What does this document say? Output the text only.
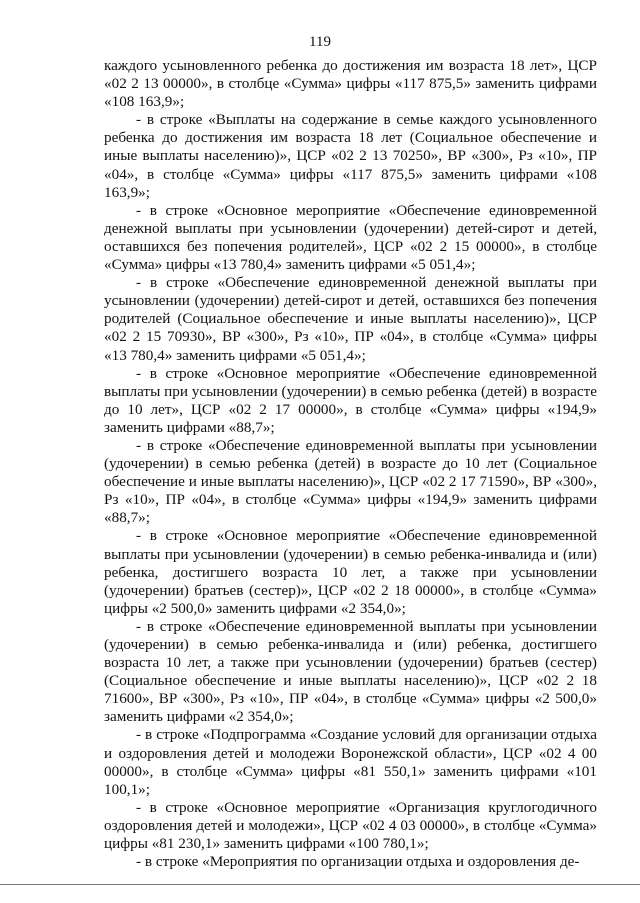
119

каждого усыновленного ребенка до достижения им возраста 18 лет», ЦСР «02 2 13 00000», в столбце «Сумма» цифры «117 875,5» заменить цифрами «108 163,9»;

- в строке «Выплаты на содержание в семье каждого усыновленного ребенка до достижения им возраста 18 лет (Социальное обеспечение и иные выплаты населению)», ЦСР «02 2 13 70250», ВР «300», Рз «10», ПР «04», в столбце «Сумма» цифры «117 875,5» заменить цифрами «108 163,9»;

- в строке «Основное мероприятие «Обеспечение единовременной денежной выплаты при усыновлении (удочерении) детей-сирот и детей, оставшихся без попечения родителей», ЦСР «02 2 15 00000», в столбце «Сумма» цифры «13 780,4» заменить цифрами «5 051,4»;

- в строке «Обеспечение единовременной денежной выплаты при усыновлении (удочерении) детей-сирот и детей, оставшихся без попечения родителей (Социальное обеспечение и иные выплаты населению)», ЦСР «02 2 15 70930», ВР «300», Рз «10», ПР «04», в столбце «Сумма» цифры «13 780,4» заменить цифрами «5 051,4»;

- в строке «Основное мероприятие «Обеспечение единовременной выплаты при усыновлении (удочерении) в семью ребенка (детей) в возрасте до 10 лет», ЦСР «02 2 17 00000», в столбце «Сумма» цифры «194,9» заменить цифрами «88,7»;

- в строке «Обеспечение единовременной выплаты при усыновлении (удочерении) в семью ребенка (детей) в возрасте до 10 лет (Социальное обеспечение и иные выплаты населению)», ЦСР «02 2 17 71590», ВР «300», Рз «10», ПР «04», в столбце «Сумма» цифры «194,9» заменить цифрами «88,7»;

- в строке «Основное мероприятие «Обеспечение единовременной выплаты при усыновлении (удочерении) в семью ребенка-инвалида и (или) ребенка, достигшего возраста 10 лет, а также при усыновлении (удочерении) братьев (сестер)», ЦСР «02 2 18 00000», в столбце «Сумма» цифры «2 500,0» заменить цифрами «2 354,0»;

- в строке «Обеспечение единовременной выплаты при усыновлении (удочерении) в семью ребенка-инвалида и (или) ребенка, достигшего возраста 10 лет, а также при усыновлении (удочерении) братьев (сестер) (Социальное обеспечение и иные выплаты населению)», ЦСР «02 2 18 71600», ВР «300», Рз «10», ПР «04», в столбце «Сумма» цифры «2 500,0» заменить цифрами «2 354,0»;

- в строке «Подпрограмма «Создание условий для организации отдыха и оздоровления детей и молодежи Воронежской области», ЦСР «02 4 00 00000», в столбце «Сумма» цифры «81 550,1» заменить цифрами «101 100,1»;

- в строке «Основное мероприятие «Организация круглогодичного оздоровления детей и молодежи», ЦСР «02 4 03 00000», в столбце «Сумма» цифры «81 230,1» заменить цифрами «100 780,1»;

- в строке «Мероприятия по организации отдыха и оздоровления де-
